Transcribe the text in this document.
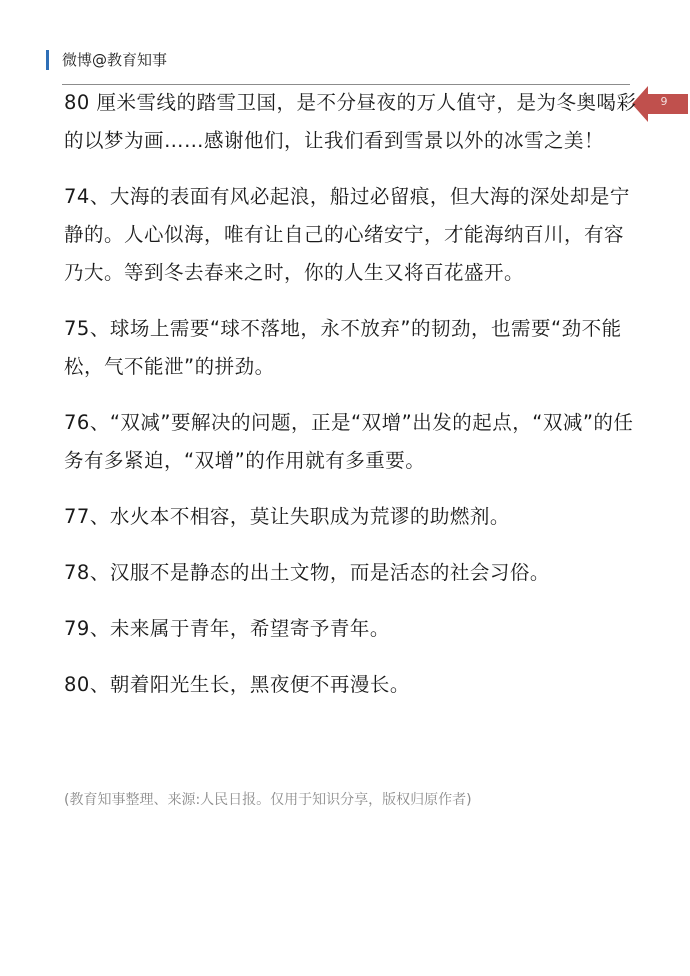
微博@教育知事
9

80 厘米雪线的踏雪卫国，是不分昼夜的万人值守，是为冬奥喝彩的以梦为画……感谢他们，让我们看到雪景以外的冰雪之美！

74、大海的表面有风必起浪，船过必留痕，但大海的深处却是宁静的。人心似海，唯有让自己的心绪安宁，才能海纳百川，有容乃大。等到冬去春来之时，你的人生又将百花盛开。

75、球场上需要“球不落地，永不放弃”的韧劲，也需要“劲不能松，气不能泄”的拼劲。

76、“双减”要解决的问题，正是“双增”出发的起点，“双减”的任务有多紧迫，“双增”的作用就有多重要。

77、水火本不相容，莫让失职成为荒谬的助燃剂。

78、汉服不是静态的出土文物，而是活态的社会习俗。

79、未来属于青年，希望寄予青年。

80、朝着阳光生长，黑夜便不再漫长。

(教育知事整理、来源:人民日报。仅用于知识分享，版权归原作者)
